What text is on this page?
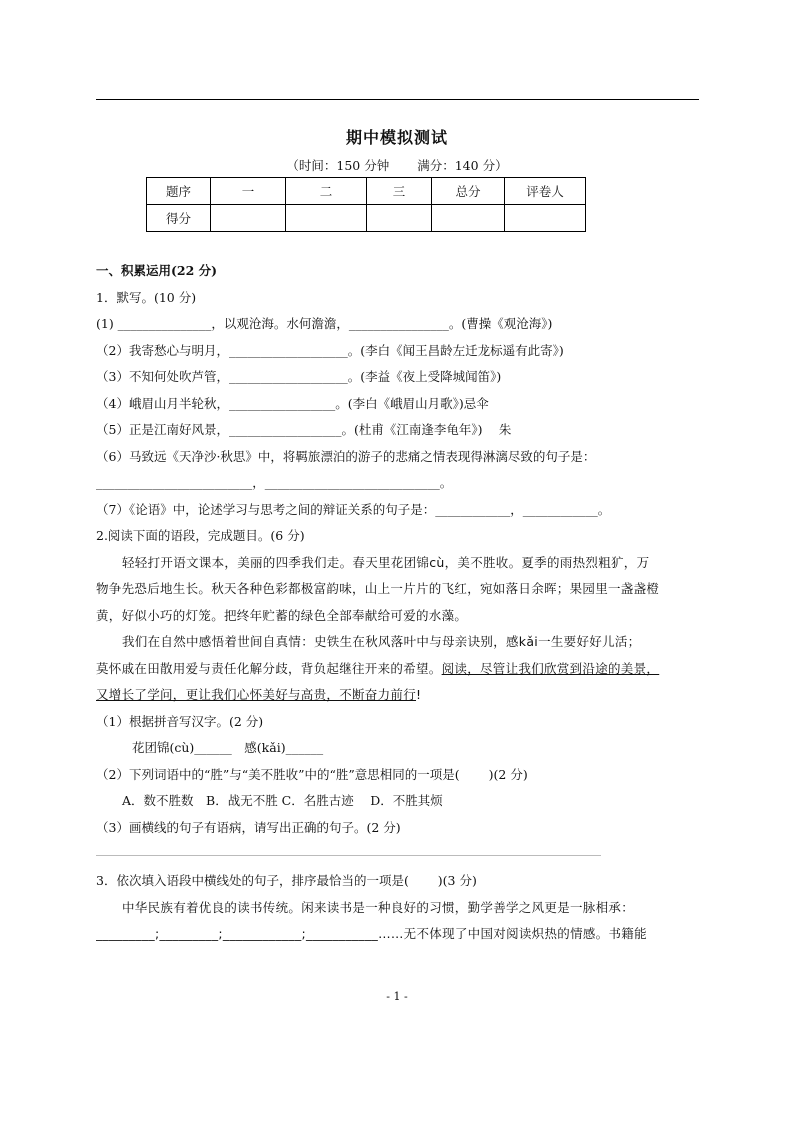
期中模拟测试
（时间：150 分钟 满分：140 分）
题序	一	二	三	总分	评卷人
得分					
一、积累运用(22 分)
1．默写。(10 分)
(1) _______________，以观沧海。水何澹澹，________________。(曹操《观沧海》)
（2）我寄愁心与明月，___________________。(李白《闻王昌龄左迁龙标遥有此寄》)
（3）不知何处吹芦管，___________________。(李益《夜上受降城闻笛》)
（4）峨眉山月半轮秋，_________________。(李白《峨眉山月歌》)忌伞
（5）正是江南好风景，__________________。(杜甫《江南逢李龟年》)　 朱
（6）马致远《天净沙·秋思》中，将羁旅漂泊的游子的悲痛之情表现得淋漓尽致的句子是：
_________________________，____________________________。
（7）《论语》中，论述学习与思考之间的辩证关系的句子是：____________，____________。
2.阅读下面的语段，完成题目。(6 分)
轻轻打开语文课本，美丽的四季我们走。春天里花团锦cù，美不胜收。夏季的雨热烈粗犷，万
物争先恐后地生长。秋天各种色彩都极富韵味，山上一片片的飞红，宛如落日余晖；果园里一盏盏橙
黄，好似小巧的灯笼。把终年贮蓄的绿色全部奉献给可爱的水藻。
我们在自然中感悟着世间自真情：史铁生在秋风落叶中与母亲诀别，感kǎi一生要好好儿活；
莫怀戚在田散用爱与责任化解分歧，背负起继往开来的希望。阅读，尽管让我们欣赏到沿途的美景，
又增长了学问，更让我们心怀美好与高贵，不断奋力前行!
（1）根据拼音写汉字。(2 分)
花团锦(cù)______　感(kǎi)______
（2）下列词语中的“胜”与“美不胜收”中的“胜”意思相同的一项是(　　 )(2 分)
A．数不胜数　B．战无不胜 C．名胜古迹　 D．不胜其烦
（3）画横线的句子有语病，请写出正确的句子。(2 分)
3．依次填入语段中横线处的句子，排序最恰当的一项是(　　 )(3 分)
中华民族有着优良的读书传统。闲来读书是一种良好的习惯，勤学善学之风更是一脉相承：
_________;_________;____________;___________……无不体现了中国对阅读炽热的情感。书籍能
- 1 -
